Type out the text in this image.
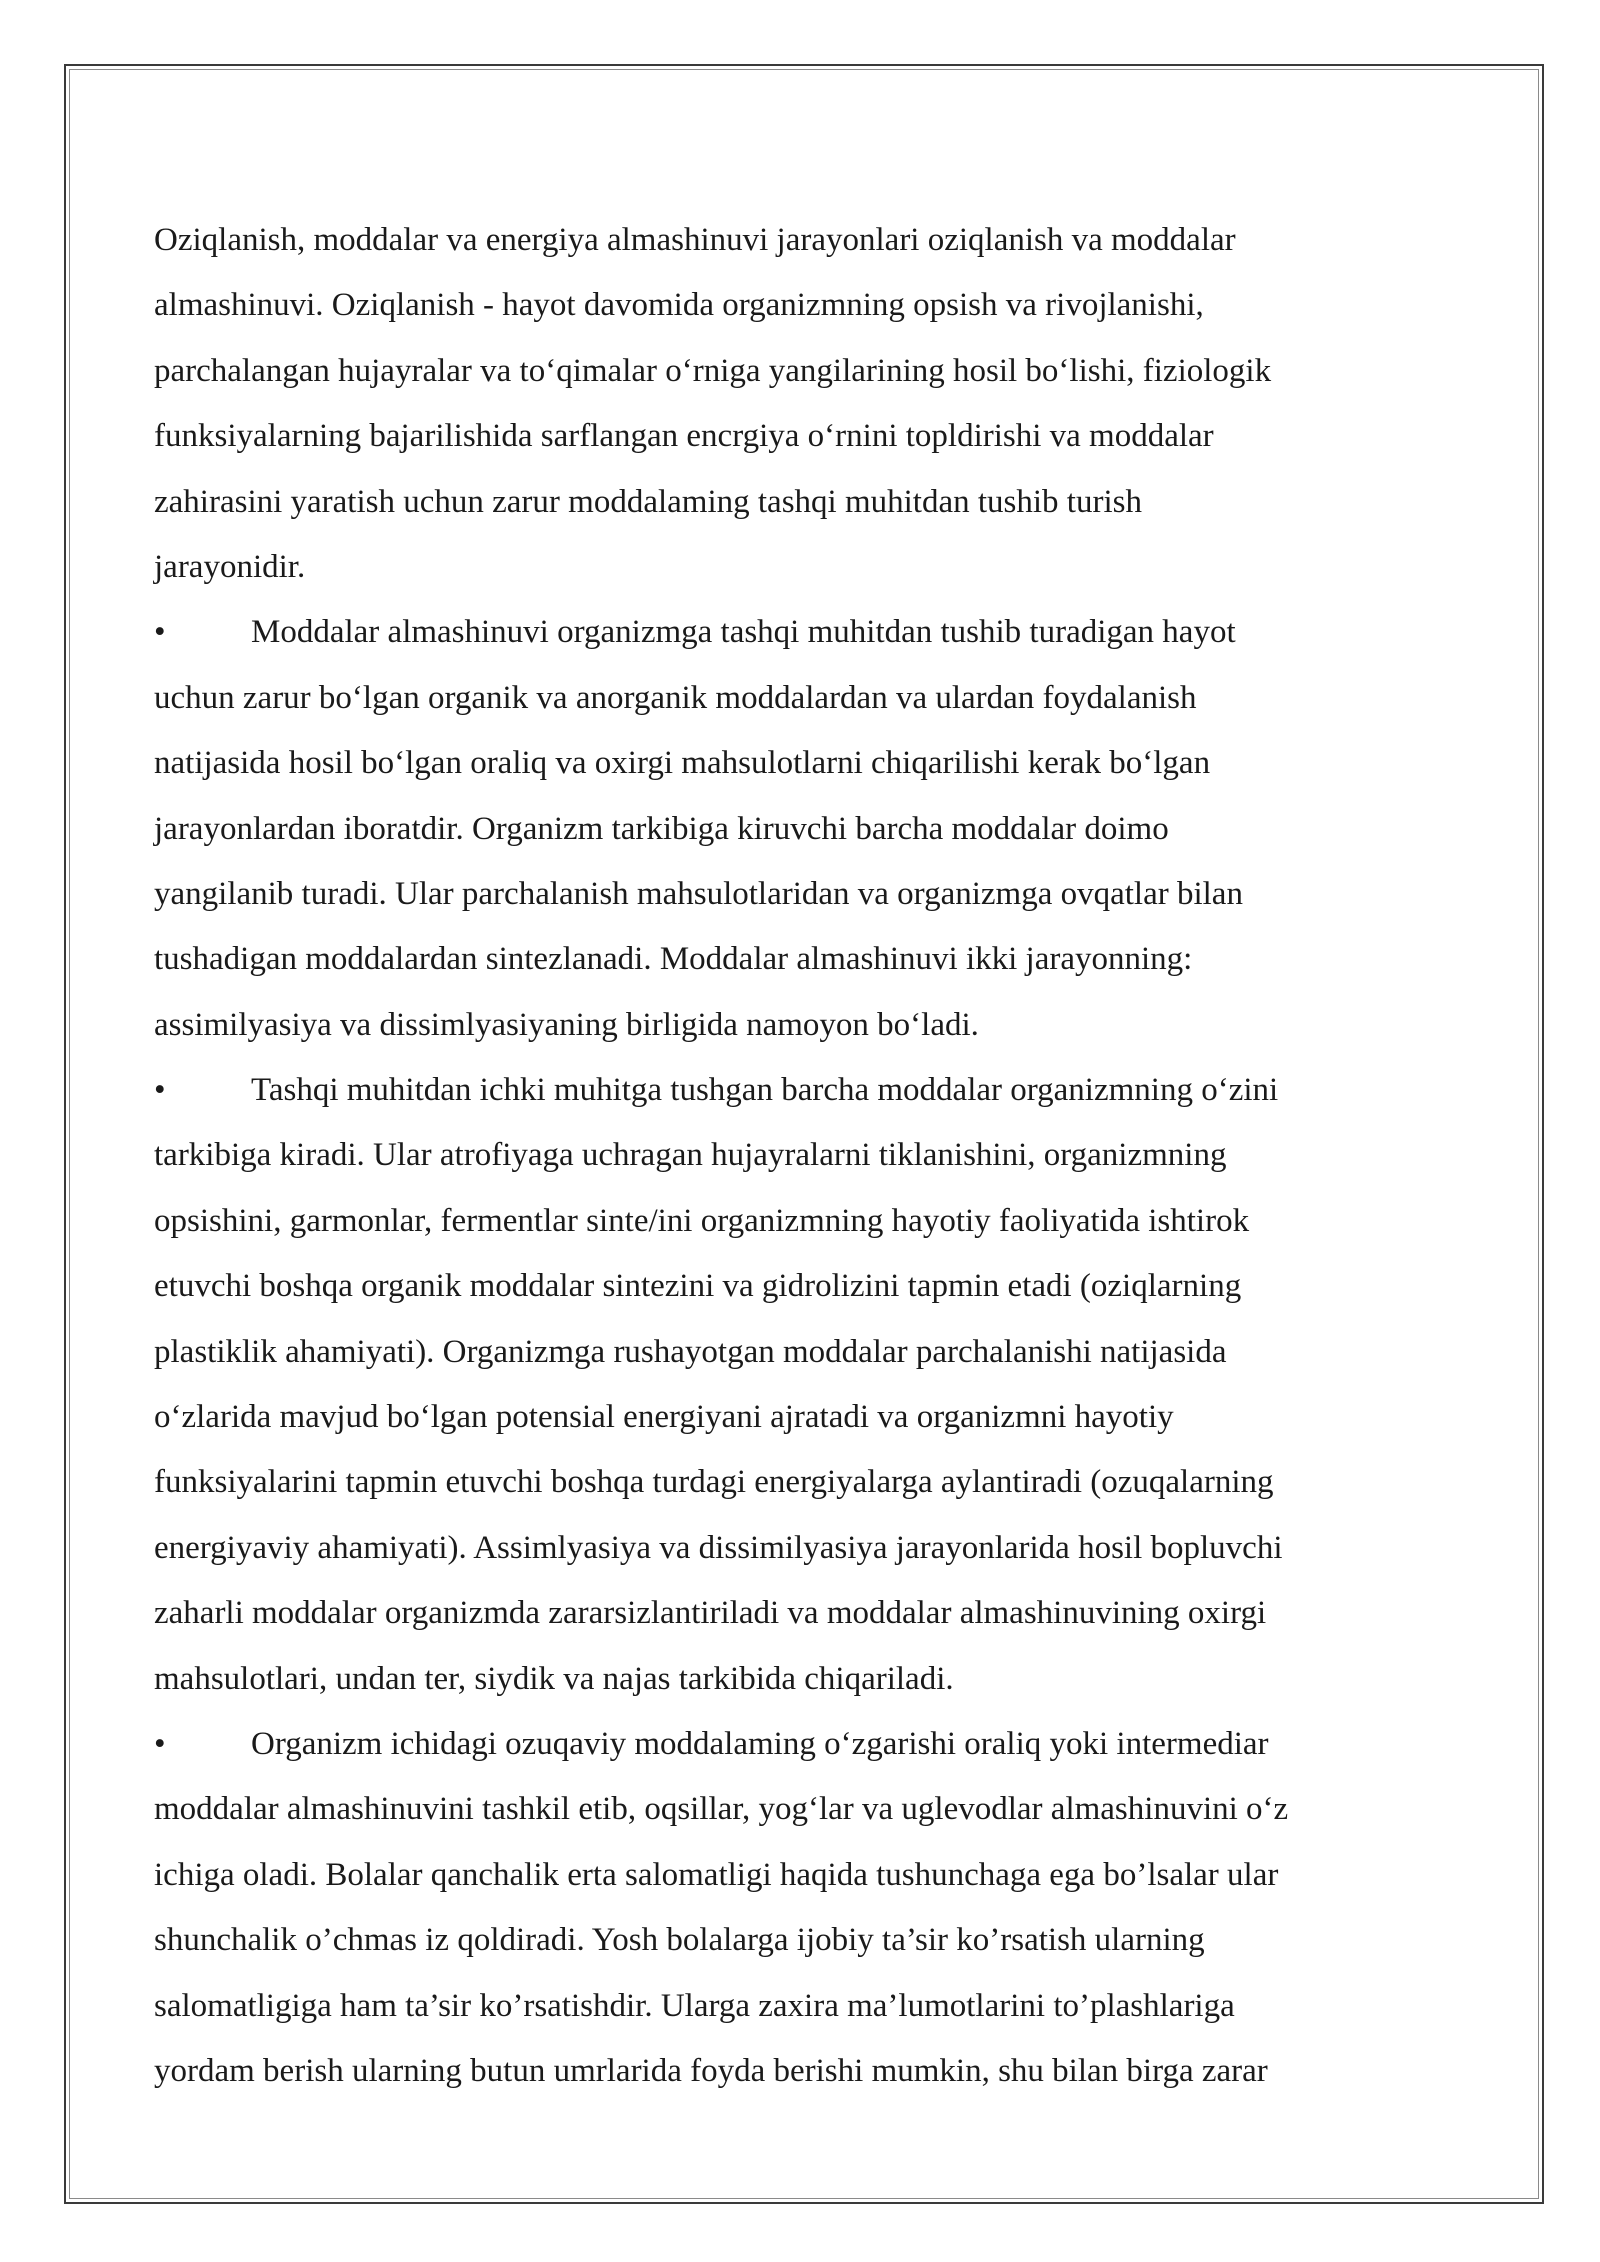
Oziqlanish, moddalar va energiya almashinuvi jarayonlari oziqlanish va moddalar
almashinuvi. Oziqlanish - hayot davomida organizmning opsish va rivojlanishi,
parchalangan hujayralar va to‘qimalar o‘rniga yangilarining hosil bo‘lishi, fiziologik
funksiyalarning bajarilishida sarflangan encrgiya o‘rnini topldirishi va moddalar
zahirasini yaratish uchun zarur moddalaming tashqi muhitdan tushib turish
jarayonidir.
•	Moddalar almashinuvi organizmga tashqi muhitdan tushib turadigan hayot
uchun zarur bo‘lgan organik va anorganik moddalardan va ulardan foydalanish
natijasida hosil bo‘lgan oraliq va oxirgi mahsulotlarni chiqarilishi kerak bo‘lgan
jarayonlardan iboratdir. Organizm tarkibiga kiruvchi barcha moddalar doimo
yangilanib turadi. Ular parchalanish mahsulotlaridan va organizmga ovqatlar bilan
tushadigan moddalardan sintezlanadi. Moddalar almashinuvi ikki jarayonning:
assimilyasiya va dissimlyasiyaning birligida namoyon bo‘ladi.
•	Tashqi muhitdan ichki muhitga tushgan barcha moddalar organizmning o‘zini
tarkibiga kiradi. Ular atrofiyaga uchragan hujayralarni tiklanishini, organizmning
opsishini, garmonlar, fermentlar sinte/ini organizmning hayotiy faoliyatida ishtirok
etuvchi boshqa organik moddalar sintezini va gidrolizini tapmin etadi (oziqlarning
plastiklik ahamiyati). Organizmga rushayotgan moddalar parchalanishi natijasida
o‘zlarida mavjud bo‘lgan potensial energiyani ajratadi va organizmni hayotiy
funksiyalarini tapmin etuvchi boshqa turdagi energiyalarga aylantiradi (ozuqalarning
energiyaviy ahamiyati). Assimlyasiya va dissimilyasiya jarayonlarida hosil bopluvchi
zaharli moddalar organizmda zararsizlantiriladi va moddalar almashinuvining oxirgi
mahsulotlari, undan ter, siydik va najas tarkibida chiqariladi.
•	Organizm ichidagi ozuqaviy moddalaming o‘zgarishi oraliq yoki intermediar
moddalar almashinuvini tashkil etib, oqsillar, yog‘lar va uglevodlar almashinuvini o‘z
ichiga oladi. Bolalar qanchalik erta salomatligi haqida tushunchaga ega bo’lsalar ular
shunchalik o’chmas iz qoldiradi. Yosh bolalarga ijobiy ta’sir ko’rsatish ularning
salomatligiga ham ta’sir ko’rsatishdir. Ularga zaxira ma’lumotlarini to’plashlariga
yordam berish ularning butun umrlarida foyda berishi mumkin, shu bilan birga zarar
